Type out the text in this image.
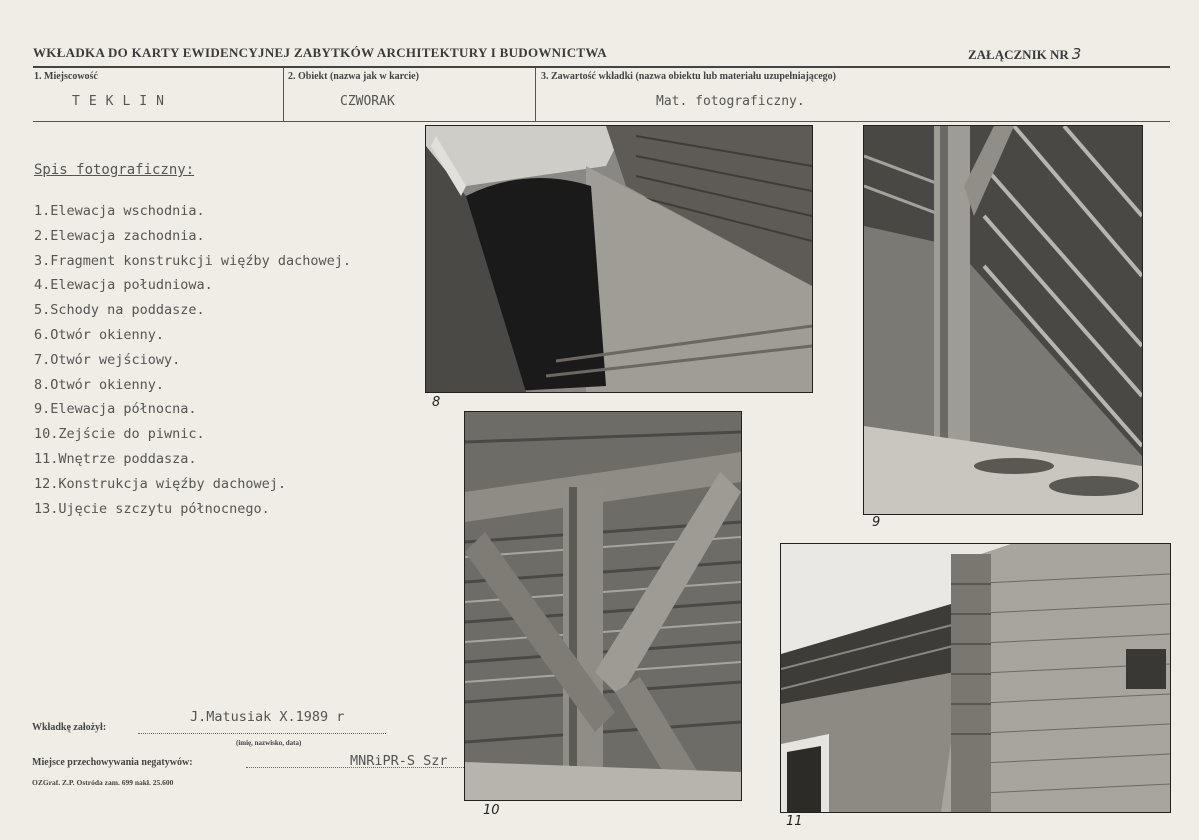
WKŁADKA DO KARTY EWIDENCYJNEJ ZABYTKÓW ARCHITEKTURY I BUDOWNICTWA	ZAŁĄCZNIK NR 3
1. Miejscowość
TEKLIN
2. Obiekt (nazwa jak w karcie)
CZWORAK
3. Zawartość wkładki (nazwa obiektu lub materiału uzupełniającego)
Mat. fotograficzny.
Spis fotograficzny:
1.Elewacja wschodnia.
2.Elewacja zachodnia.
3.Fragment konstrukcji więźby dachowej.
4.Elewacja południowa.
5.Schody na poddasze.
6.Otwór okienny.
7.Otwór wejściowy.
8.Otwór okienny.
9.Elewacja północna.
10.Zejście do piwnic.
11.Wnętrze poddasza.
12.Konstrukcja więźby dachowej.
13.Ujęcie szczytu północnego.
Wkładkę założył:
J.Matusiak X.1989 r
(imię, nazwisko, data)
Miejsce przechowywania negatywów:	MNRiPR-S Szr
OZGraf. Z.P. Ostróda zam. 699 nakł. 25.600
8
9
10
11
